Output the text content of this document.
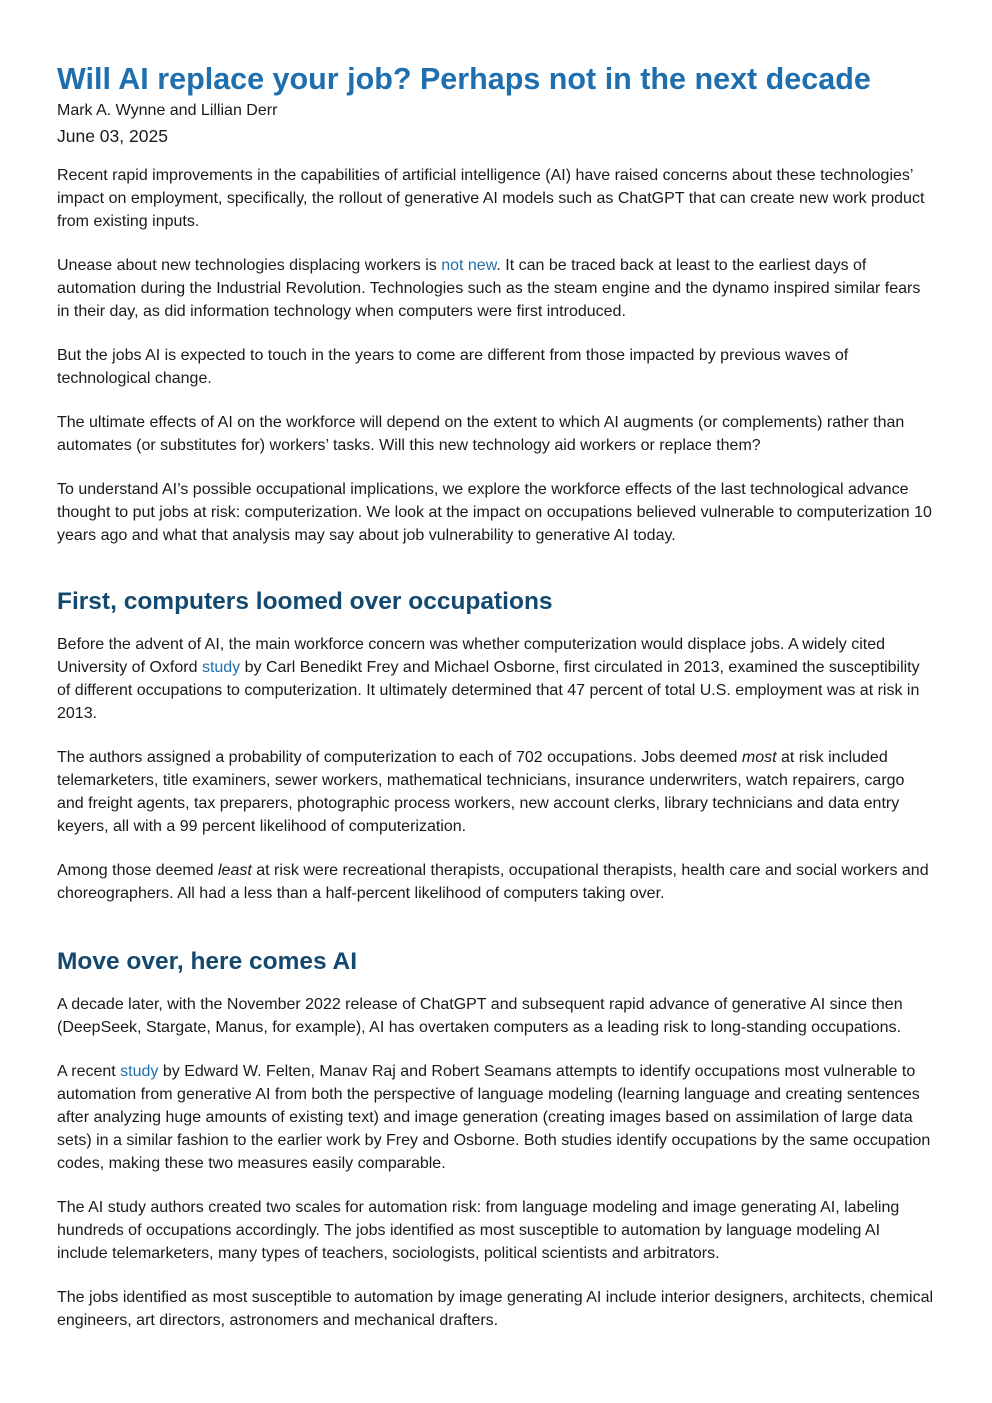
Will AI replace your job? Perhaps not in the next decade

Mark A. Wynne and Lillian Derr

June 03, 2025

Recent rapid improvements in the capabilities of artificial intelligence (AI) have raised concerns about these technologies’ impact on employment, specifically, the rollout of generative AI models such as ChatGPT that can create new work product from existing inputs.

Unease about new technologies displacing workers is not new. It can be traced back at least to the earliest days of automation during the Industrial Revolution. Technologies such as the steam engine and the dynamo inspired similar fears in their day, as did information technology when computers were first introduced.

But the jobs AI is expected to touch in the years to come are different from those impacted by previous waves of technological change.

The ultimate effects of AI on the workforce will depend on the extent to which AI augments (or complements) rather than automates (or substitutes for) workers’ tasks. Will this new technology aid workers or replace them?

To understand AI’s possible occupational implications, we explore the workforce effects of the last technological advance thought to put jobs at risk: computerization. We look at the impact on occupations believed vulnerable to computerization 10 years ago and what that analysis may say about job vulnerability to generative AI today.

First, computers loomed over occupations

Before the advent of AI, the main workforce concern was whether computerization would displace jobs. A widely cited University of Oxford study by Carl Benedikt Frey and Michael Osborne, first circulated in 2013, examined the susceptibility of different occupations to computerization. It ultimately determined that 47 percent of total U.S. employment was at risk in 2013.

The authors assigned a probability of computerization to each of 702 occupations. Jobs deemed most at risk included telemarketers, title examiners, sewer workers, mathematical technicians, insurance underwriters, watch repairers, cargo and freight agents, tax preparers, photographic process workers, new account clerks, library technicians and data entry keyers, all with a 99 percent likelihood of computerization.

Among those deemed least at risk were recreational therapists, occupational therapists, health care and social workers and choreographers. All had a less than a half-percent likelihood of computers taking over.

Move over, here comes AI

A decade later, with the November 2022 release of ChatGPT and subsequent rapid advance of generative AI since then (DeepSeek, Stargate, Manus, for example), AI has overtaken computers as a leading risk to long-standing occupations.

A recent study by Edward W. Felten, Manav Raj and Robert Seamans attempts to identify occupations most vulnerable to automation from generative AI from both the perspective of language modeling (learning language and creating sentences after analyzing huge amounts of existing text) and image generation (creating images based on assimilation of large data sets) in a similar fashion to the earlier work by Frey and Osborne. Both studies identify occupations by the same occupation codes, making these two measures easily comparable.

The AI study authors created two scales for automation risk: from language modeling and image generating AI, labeling hundreds of occupations accordingly. The jobs identified as most susceptible to automation by language modeling AI include telemarketers, many types of teachers, sociologists, political scientists and arbitrators.

The jobs identified as most susceptible to automation by image generating AI include interior designers, architects, chemical engineers, art directors, astronomers and mechanical drafters.
